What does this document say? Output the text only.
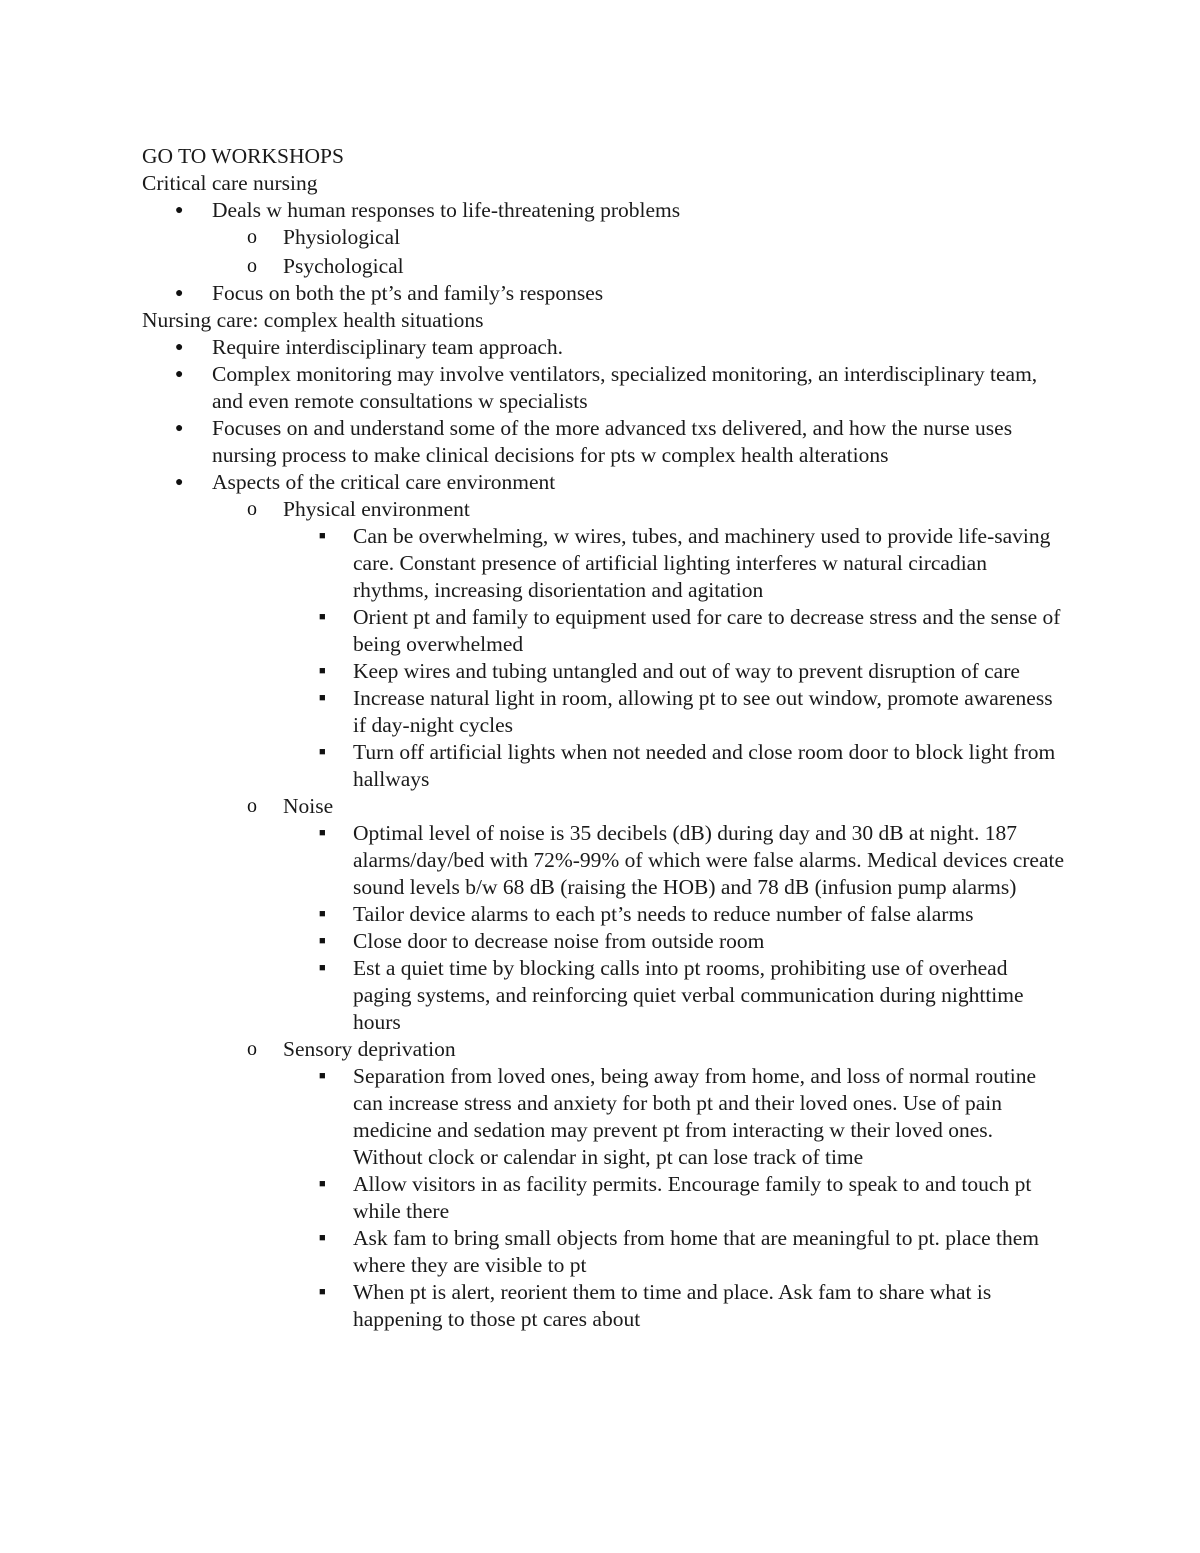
GO TO WORKSHOPS

Critical care nursing

● Deals w human responses to life-threatening problems
o Physiological
o Psychological
● Focus on both the pt’s and family’s responses

Nursing care: complex health situations

● Require interdisciplinary team approach.
● Complex monitoring may involve ventilators, specialized monitoring, an interdisciplinary team, and even remote consultations w specialists
● Focuses on and understand some of the more advanced txs delivered, and how the nurse uses nursing process to make clinical decisions for pts w complex health alterations
● Aspects of the critical care environment
o Physical environment
■ Can be overwhelming, w wires, tubes, and machinery used to provide life-saving care. Constant presence of artificial lighting interferes w natural circadian rhythms, increasing disorientation and agitation
■ Orient pt and family to equipment used for care to decrease stress and the sense of being overwhelmed
■ Keep wires and tubing untangled and out of way to prevent disruption of care
■ Increase natural light in room, allowing pt to see out window, promote awareness if day-night cycles
■ Turn off artificial lights when not needed and close room door to block light from hallways
o Noise
■ Optimal level of noise is 35 decibels (dB) during day and 30 dB at night. 187 alarms/day/bed with 72%-99% of which were false alarms. Medical devices create sound levels b/w 68 dB (raising the HOB) and 78 dB (infusion pump alarms)
■ Tailor device alarms to each pt’s needs to reduce number of false alarms
■ Close door to decrease noise from outside room
■ Est a quiet time by blocking calls into pt rooms, prohibiting use of overhead paging systems, and reinforcing quiet verbal communication during nighttime hours
o Sensory deprivation
■ Separation from loved ones, being away from home, and loss of normal routine can increase stress and anxiety for both pt and their loved ones. Use of pain medicine and sedation may prevent pt from interacting w their loved ones. Without clock or calendar in sight, pt can lose track of time
■ Allow visitors in as facility permits. Encourage family to speak to and touch pt while there
■ Ask fam to bring small objects from home that are meaningful to pt. place them where they are visible to pt
■ When pt is alert, reorient them to time and place. Ask fam to share what is happening to those pt cares about
